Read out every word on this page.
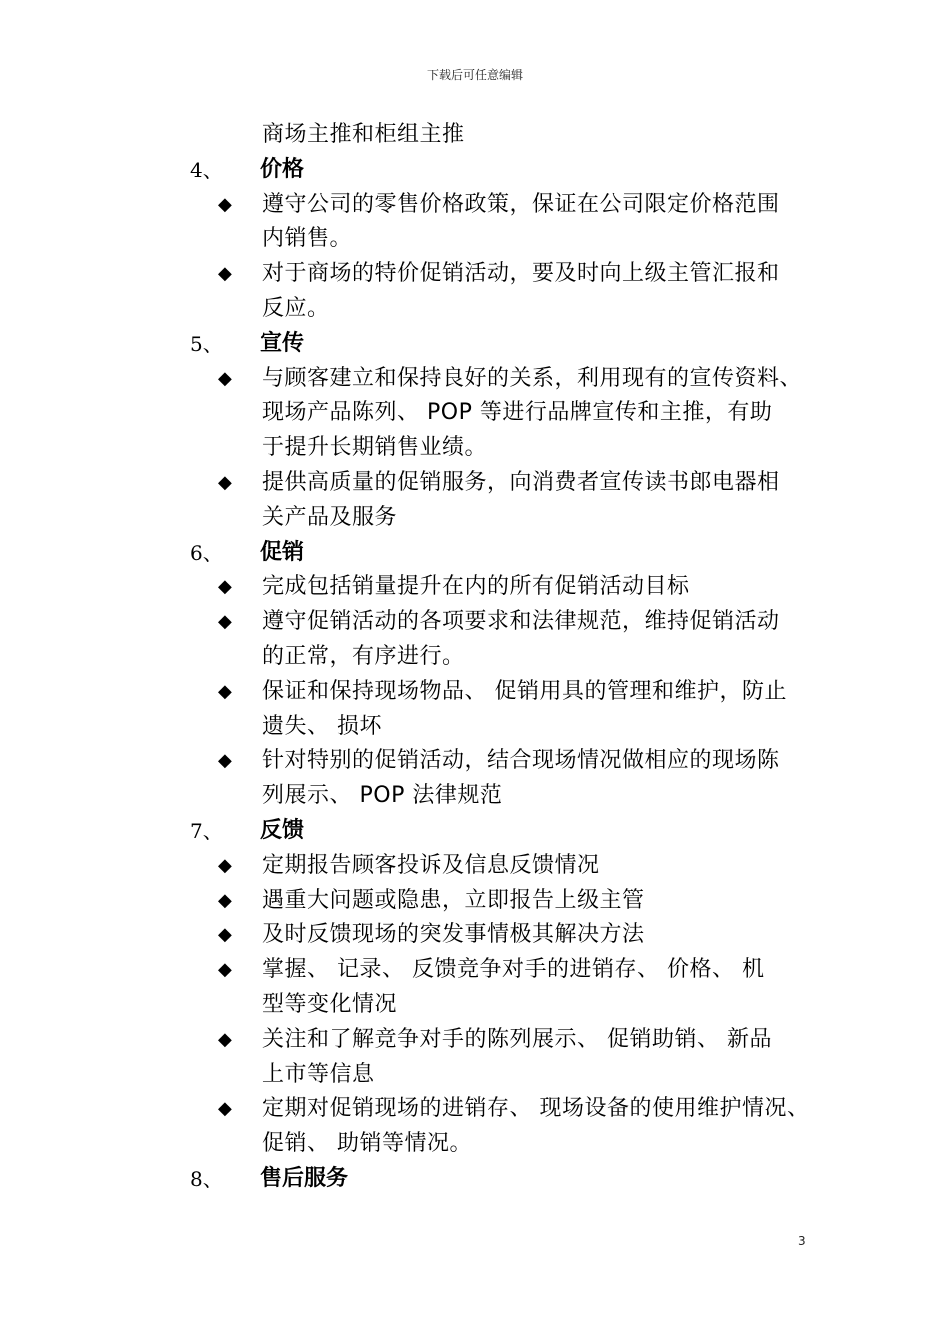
下载后可任意编辑
商场主推和柜组主推
4、 价格
◆ 遵守公司的零售价格政策，保证在公司限定价格范围
内销售。
◆ 对于商场的特价促销活动，要及时向上级主管汇报和
反应。
5、 宣传
◆ 与顾客建立和保持良好的关系，利用现有的宣传资料、
现场产品陈列、 POP 等进行品牌宣传和主推，有助
于提升长期销售业绩。
◆ 提供高质量的促销服务，向消费者宣传读书郎电器相
关产品及服务
6、 促销
◆ 完成包括销量提升在内的所有促销活动目标
◆ 遵守促销活动的各项要求和法律规范，维持促销活动
的正常，有序进行。
◆ 保证和保持现场物品、 促销用具的管理和维护，防止
遗失、 损坏
◆ 针对特别的促销活动，结合现场情况做相应的现场陈
列展示、 POP 法律规范
7、 反馈
◆ 定期报告顾客投诉及信息反馈情况
◆ 遇重大问题或隐患，立即报告上级主管
◆ 及时反馈现场的突发事情极其解决方法
◆ 掌握、 记录、 反馈竞争对手的进销存、 价格、 机
型等变化情况
◆ 关注和了解竞争对手的陈列展示、 促销助销、 新品
上市等信息
◆ 定期对促销现场的进销存、 现场设备的使用维护情况、
促销、 助销等情况。
8、 售后服务
3
